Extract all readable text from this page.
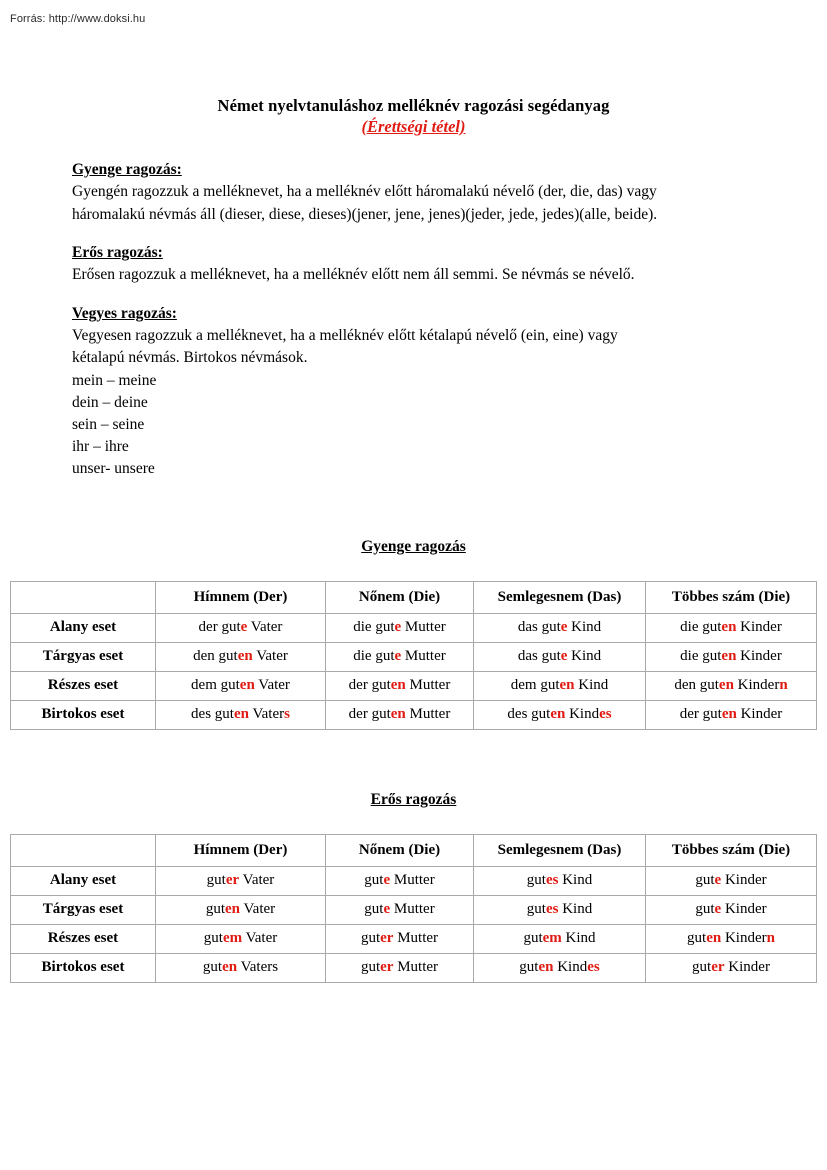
Forrás: http://www.doksi.hu
Német nyelvtanuláshoz melléknév ragozási segédanyag
(Érettségi tétel)

Gyenge ragozás:

Gyengén ragozzuk a melléknevet, ha a melléknév előtt háromalakú névelő (der, die, das) vagy

háromalakú névmás áll (dieser, diese, dieses)(jener, jene, jenes)(jeder, jede, jedes)(alle, beide).

Erős ragozás:

Erősen ragozzuk a melléknevet, ha a melléknév előtt nem áll semmi. Se névmás se névelő.

Vegyes ragozás:

Vegyesen ragozzuk a melléknevet, ha a melléknév előtt kétalapú névelő (ein, eine) vagy

kétalapú névmás. Birtokos névmások.

mein – meine

dein – deine

sein – seine

ihr – ihre

unser- unsere

Gyenge ragozás
	Hímnem (Der)	Nőnem (Die)	Semlegesnem (Das)	Többes szám (Die)
Alany eset	der gute Vater	die gute Mutter	das gute Kind	die guten Kinder
Tárgyas eset	den guten Vater	die gute Mutter	das gute Kind	die guten Kinder
Részes eset	dem guten Vater	der guten Mutter	dem guten Kind	den guten Kindern
Birtokos eset	des guten Vaters	der guten Mutter	des guten Kindes	der guten Kinder
Erős ragozás
	Hímnem (Der)	Nőnem (Die)	Semlegesnem (Das)	Többes szám (Die)
Alany eset	guter Vater	gute Mutter	gutes Kind	gute Kinder
Tárgyas eset	guten Vater	gute Mutter	gutes Kind	gute Kinder
Részes eset	gutem Vater	guter Mutter	gutem Kind	guten Kindern
Birtokos eset	guten Vaters	guter Mutter	guten Kindes	guter Kinder
